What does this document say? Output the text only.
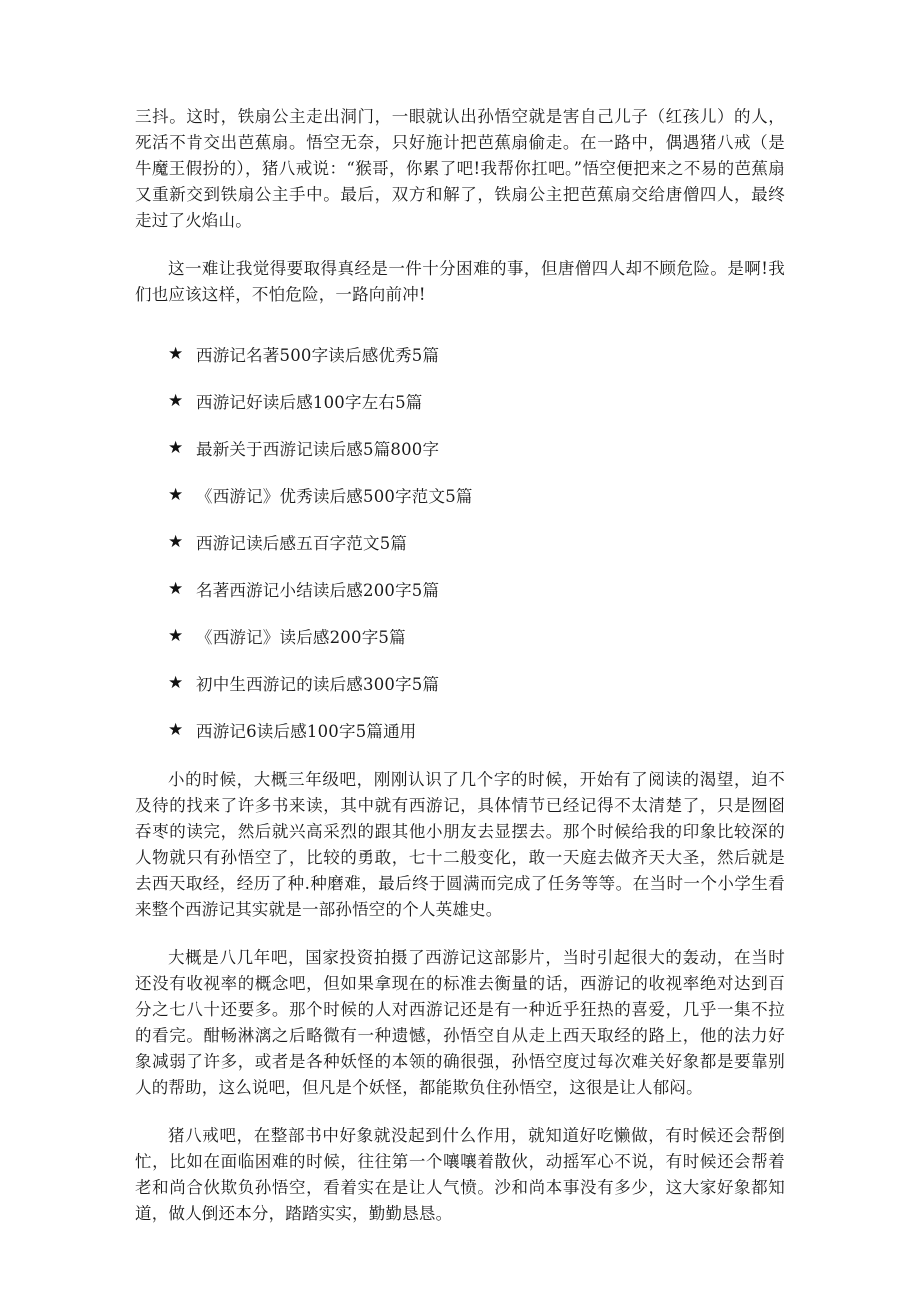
三抖。这时，铁扇公主走出洞门，一眼就认出孙悟空就是害自己儿子（红孩儿）的人，死活不肯交出芭蕉扇。悟空无奈，只好施计把芭蕉扇偷走。在一路中，偶遇猪八戒（是牛魔王假扮的），猪八戒说：“猴哥，你累了吧!我帮你扛吧。”悟空便把来之不易的芭蕉扇又重新交到铁扇公主手中。最后，双方和解了，铁扇公主把芭蕉扇交给唐僧四人，最终走过了火焰山。

这一难让我觉得要取得真经是一件十分困难的事，但唐僧四人却不顾危险。是啊!我们也应该这样，不怕危险，一路向前冲!

★ 西游记名著500字读后感优秀5篇
★ 西游记好读后感100字左右5篇
★ 最新关于西游记读后感5篇800字
★ 《西游记》优秀读后感500字范文5篇
★ 西游记读后感五百字范文5篇
★ 名著西游记小结读后感200字5篇
★ 《西游记》读后感200字5篇
★ 初中生西游记的读后感300字5篇
★ 西游记6读后感100字5篇通用

小的时候，大概三年级吧，刚刚认识了几个字的时候，开始有了阅读的渴望，迫不及待的找来了许多书来读，其中就有西游记，具体情节已经记得不太清楚了，只是囫囵吞枣的读完，然后就兴高采烈的跟其他小朋友去显摆去。那个时候给我的印象比较深的人物就只有孙悟空了，比较的勇敢，七十二般变化，敢一天庭去做齐天大圣，然后就是去西天取经，经历了种.种磨难，最后终于圆满而完成了任务等等。在当时一个小学生看来整个西游记其实就是一部孙悟空的个人英雄史。

大概是八几年吧，国家投资拍摄了西游记这部影片，当时引起很大的轰动，在当时还没有收视率的概念吧，但如果拿现在的标准去衡量的话，西游记的收视率绝对达到百分之七八十还要多。那个时候的人对西游记还是有一种近乎狂热的喜爱，几乎一集不拉的看完。酣畅淋漓之后略微有一种遗憾，孙悟空自从走上西天取经的路上，他的法力好象减弱了许多，或者是各种妖怪的本领的确很强，孙悟空度过每次难关好象都是要靠别人的帮助，这么说吧，但凡是个妖怪，都能欺负住孙悟空，这很是让人郁闷。

猪八戒吧，在整部书中好象就没起到什么作用，就知道好吃懒做，有时候还会帮倒忙，比如在面临困难的时候，往往第一个嚷嚷着散伙，动摇军心不说，有时候还会帮着老和尚合伙欺负孙悟空，看着实在是让人气愤。沙和尚本事没有多少，这大家好象都知道，做人倒还本分，踏踏实实，勤勤恳恳。
